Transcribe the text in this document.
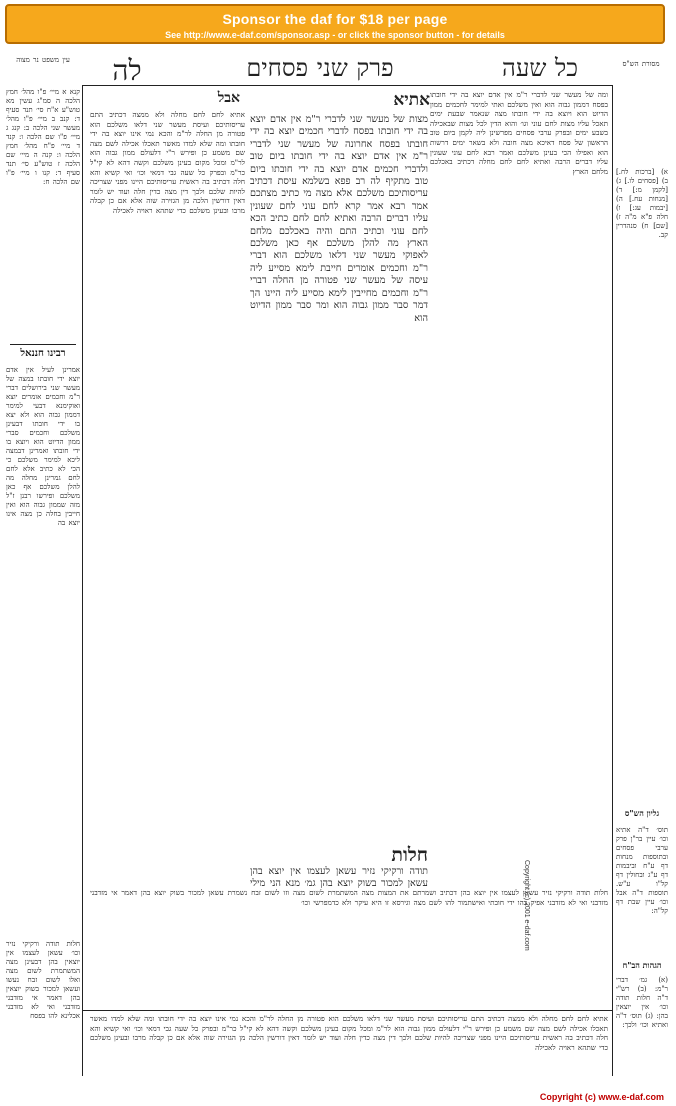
Sponsor the daf for $18 per page
See http://www.e-daf.com/sponsor.asp - or click the sponsor button - for details
מסורת הש"ס
כל שעה
פרק שני פסחים
לה
עין משפט נר מצוה
א) [ברכות לח.] ב) [פסחים לו.] ג) [לקמן מ:] ד) [מנחות עח.] ה) [יבמות עג:] ו) חלה פ"א מ"ה ז) [שם] ח) סנהדרין קב.
גליון הש"ס
תוס׳ ד"ה אתיא וכו׳ עיין בר"ן פרק ערבי פסחים ובתוספות מנחות דף ע"ח וביבמות דף ע"ג ובחולין דף קל"ו ע"ש. תוספות ד"ה אבל וכו׳ עיין שבת דף קל"ה:
הגהות הב"ח
(א) גמ׳ דברי ר"מ: (ב) רש"י ד"ה חלות תודה וכו׳ אין יוצאין בהן: (ג) תוס׳ ד"ה ואתיא וכו׳ ולכך:
ומה של מעשר שני לדברי ר"מ אין אדם יוצא בה ידי חובתו בפסח דממון גבוה הוא ואין משלכם ואתי למימר לחכמים ממון הדיוט הוא ויוצא בה ידי חובתו מצה שנאמר שבעת ימים תאכל עליו מצות לחם עוני וגו׳ והוא הדין לכל מצות שבאכילה בשבע ימים ובפרק ערבי פסחים מפרשינן ליה לקמן ביום טוב הראשון של פסח דאיכא מצה חובה ולא בשאר ימים דרשות הוא ואפילו הכי בעינן משלכם ואמר רבא לחם עוני שעונין עליו דברים הרבה ואתיא לחם לחם מחלה דכתיב באכלכם מלחם הארץ
חלות תודה ורקיקי נזיר עשאן לעצמו אין יוצא בהן דכתיב ושמרתם את המצות מצה המשתמרת לשום מצה וזו לשום זבח נשמרת עשאן למכור בשוק יוצא בהן דאמר אי מזדבני מזדבני ואי לא מזדבני אפיק בהו ידי חובתי ואישתמור להו לשם מצה וגירסא זו היא עיקר ולא כדמפרשי וכו׳
אתיא
מצות של מעשר שני לדברי ר"מ אין אדם יוצא בה ידי חובתו בפסח לדברי חכמים יוצא בה ידי חובתו בפסח אחרונה של מעשר שני לדברי ר"מ אין אדם יוצא בה ידי חובתו ביום טוב ולדברי חכמים אדם יוצא בה ידי חובתו ביום טוב מתקיף לה רב פפא בשלמא עיסת דכתיב עריסותיכם משלכם אלא מצה מי כתיב מצתכם אמר רבא אמר קרא לחם עוני לחם שעונין עליו דברים הרבה ואתיא לחם לחם כתיב הכא לחם עוני וכתיב התם והיה באכלכם מלחם הארץ מה להלן משלכם אף כאן משלכם לאפוקי מעשר שני דלאו משלכם הוא דברי ר"מ וחכמים אומרים חייבת לימא מסייע ליה עיסה של מעשר שני פטורה מן החלה דברי ר"מ וחכמים מחייבין לימא מסייע ליה היינו הך דמר סבר ממון גבוה הוא ומר סבר ממון הדיוט הוא
חלות
תודה ורקיקי נזיר עשאן לעצמו אין יוצא בהן עשאן למכור בשוק יוצא בהן גמ׳ מנא הני מילי
אבל
אתיא לחם לחם מחלה ולא ממצה דכתיב התם עריסותיכם ועיסת מעשר שני דלאו משלכם הוא פטורה מן החלה לר"מ והכא נמי אינו יוצא בה ידי חובתו ומה שלא למדו מאשר תאכלו אכילה לשם מצה שם משמע כן ופירש ר"י דלעולם ממון גבוה הוא לר"מ ומכל מקום בעינן משלכם וקשה דהא לא קי"ל כר"מ ובפרק כל שעה גבי דמאי וכו׳ ואי קשיא והא חלה דכתיב בה ראשית עריסותיכם היינו מפני שצריכה להיות שלכם ולכך דין מצה כדין חלה ועוד יש לומר דאין דורשין הלכה מן הגזירה שוה אלא אם כן קבלה מרבו ובעינן משלכם כדי שתהא ראויה לאכילה
קנא א מיי׳ פ"ו מהל׳ חמץ הלכה ה סמ"ג עשין מא טוש"ע א"ח סי׳ תנד סעיף ד: קנב ב מיי׳ פ"ו מהל׳ מעשר שני הלכה ב: קנג ג מיי׳ פ"ו שם הלכה ו: קנד ד מיי׳ פ"ח מהל׳ חמץ הלכה ו: קנה ה מיי׳ שם הלכה ז טוש"ע סי׳ תנד סעיף ד: קנו ו מיי׳ פ"ו שם הלכה ח:
רבינו חננאל
אמרינן לעיל אין אדם יוצא ידי חובתו במצה של מעשר שני בירושלים דברי ר"מ וחכמים אומרים יוצא ואוקימנא דבעי למימר דממון גבוה הוא ולא יצא בו ידי חובתו דבעינן משלכם וחכמים סברי ממון הדיוט הוא ויוצא בו ידי חובתו ואמרינן דבמצה ליכא למימר משלכם כי הכי לא כתיב אלא לחם לחם גמרינן מחלה מה להלן משלכם אף כאן משלכם ופירשו רבנן ז"ל מזה שממון גבוה הוא ואין חייבין בחלה כן מצה אינו יוצא בה
חלות תודה ורקיקי נזיר וכו׳ עשאן לעצמו אין יוצאין בהן דבעינן מצה המשתמרת לשום מצה ואלו לשום זבח נעשו ועשאן למכור בשוק יוצאין בהן דאמר אי מזדבני מזדבני ואי לא מזדבני אכלינא להו בפסח אתיא לחם לחם מחלה ולא ממצה דכתיב התם עריסותיכם ועיסת מעשר שני דלאו משלכם הוא פטורה מן החלה לר"מ והכא נמי אינו יוצא בה ידי חובתו ומה שלא למדו מאשר תאכלו אכילה לשם מצה שם משמע כן ופירש ר"י דלעולם ממון גבוה הוא לר"מ ומכל מקום בעינן משלכם וקשה דהא לא קי"ל כר"מ ובפרק כל שעה גבי דמאי וכו׳ ואי קשיא והא חלה דכתיב בה ראשית עריסותיכם היינו מפני שצריכה להיות שלכם ולכך דין מצה כדין חלה ועוד יש לומר דאין דורשין הלכה מן הגזירה שוה אלא אם כן קבלה מרבו ובעינן משלכם כדי שתהא ראויה לאכילה
Copyright (c) 2001 e-daf.com
Copyright (c) www.e-daf.com
